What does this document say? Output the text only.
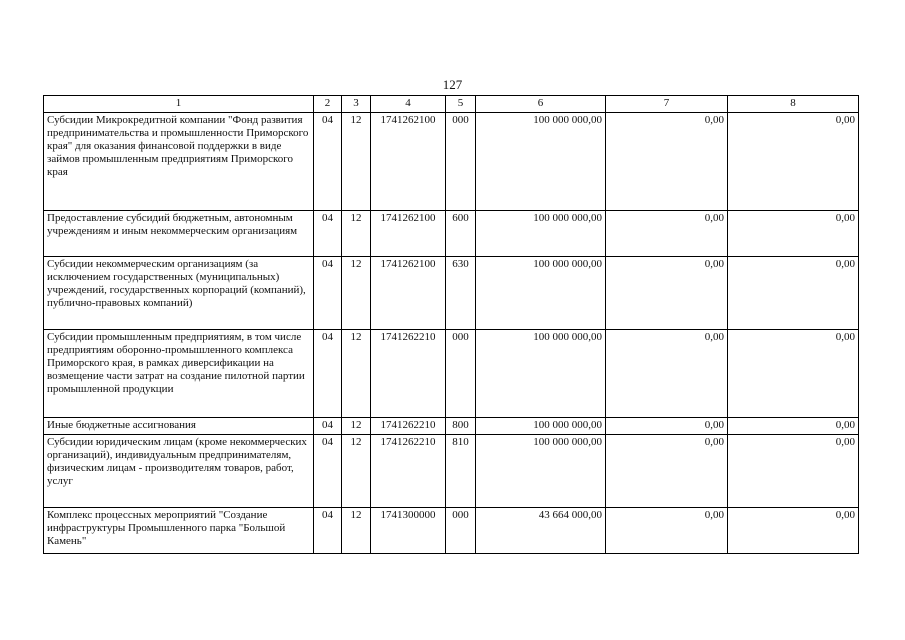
127
1	2	3	4	5	6	7	8
Субсидии Микрокредитной компании "Фонд развития предпринимательства и промышленности Приморского края" для оказания финансовой поддержки в виде займов промышленным предприятиям Приморского края	04	12	1741262100	000	100 000 000,00	0,00	0,00
Предоставление субсидий бюджетным, автономным учреждениям и иным некоммерческим организациям	04	12	1741262100	600	100 000 000,00	0,00	0,00
Субсидии некоммерческим организациям (за исключением государственных (муниципальных) учреждений, государственных корпораций (компаний), публично-правовых компаний)	04	12	1741262100	630	100 000 000,00	0,00	0,00
Субсидии промышленным предприятиям, в том числе предприятиям оборонно-промышленного комплекса Приморского края, в рамках диверсификации на возмещение части затрат на создание пилотной партии промышленной продукции	04	12	1741262210	000	100 000 000,00	0,00	0,00
Иные бюджетные ассигнования	04	12	1741262210	800	100 000 000,00	0,00	0,00
Субсидии юридическим лицам (кроме некоммерческих организаций), индивидуальным предпринимателям, физическим лицам - производителям товаров, работ, услуг	04	12	1741262210	810	100 000 000,00	0,00	0,00
Комплекс процессных мероприятий "Создание инфраструктуры Промышленного парка "Большой Камень"	04	12	1741300000	000	43 664 000,00	0,00	0,00
